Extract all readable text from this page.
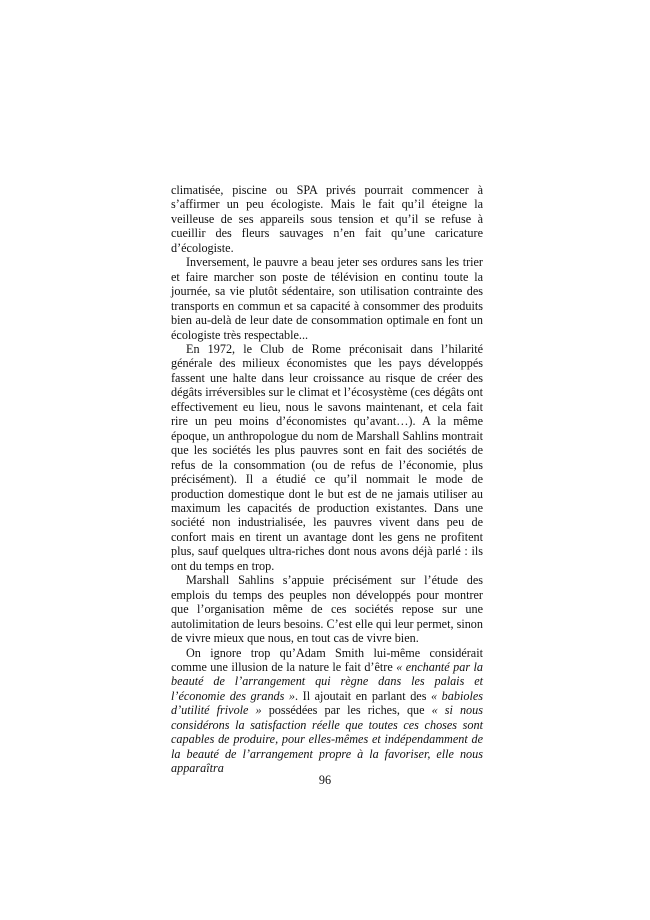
climatisée, piscine ou SPA privés pourrait commencer à s’affirmer un peu écologiste. Mais le fait qu’il éteigne la veilleuse de ses appareils sous tension et qu’il se refuse à cueillir des fleurs sauvages n’en fait qu’une caricature d’écologiste.

Inversement, le pauvre a beau jeter ses ordures sans les trier et faire marcher son poste de télévision en continu toute la journée, sa vie plutôt sédentaire, son utilisation contrainte des transports en commun et sa capacité à consommer des produits bien au-delà de leur date de consommation optimale en font un écologiste très respectable...

En 1972, le Club de Rome préconisait dans l’hilarité générale des milieux économistes que les pays développés fassent une halte dans leur croissance au risque de créer des dégâts irréversibles sur le climat et l’écosystème (ces dégâts ont effectivement eu lieu, nous le savons maintenant, et cela fait rire un peu moins d’économistes qu’avant…). A la même époque, un anthropologue du nom de Marshall Sahlins montrait que les sociétés les plus pauvres sont en fait des sociétés de refus de la consommation (ou de refus de l’économie, plus précisément). Il a étudié ce qu’il nommait le mode de production domestique dont le but est de ne jamais utiliser au maximum les capacités de production existantes. Dans une société non industrialisée, les pauvres vivent dans peu de confort mais en tirent un avantage dont les gens ne profitent plus, sauf quelques ultra-riches dont nous avons déjà parlé : ils ont du temps en trop.

Marshall Sahlins s’appuie précisément sur l’étude des emplois du temps des peuples non développés pour montrer que l’organisation même de ces sociétés repose sur une autolimitation de leurs besoins. C’est elle qui leur permet, sinon de vivre mieux que nous, en tout cas de vivre bien.

On ignore trop qu’Adam Smith lui-même considérait comme une illusion de la nature le fait d’être « enchanté par la beauté de l’arrangement qui règne dans les palais et l’économie des grands ». Il ajoutait en parlant des « babioles d’utilité frivole » possédées par les riches, que « si nous considérons la satisfaction réelle que toutes ces choses sont capables de produire, pour elles-mêmes et indépendamment de la beauté de l’arrangement propre à la favoriser, elle nous apparaîtra

96
